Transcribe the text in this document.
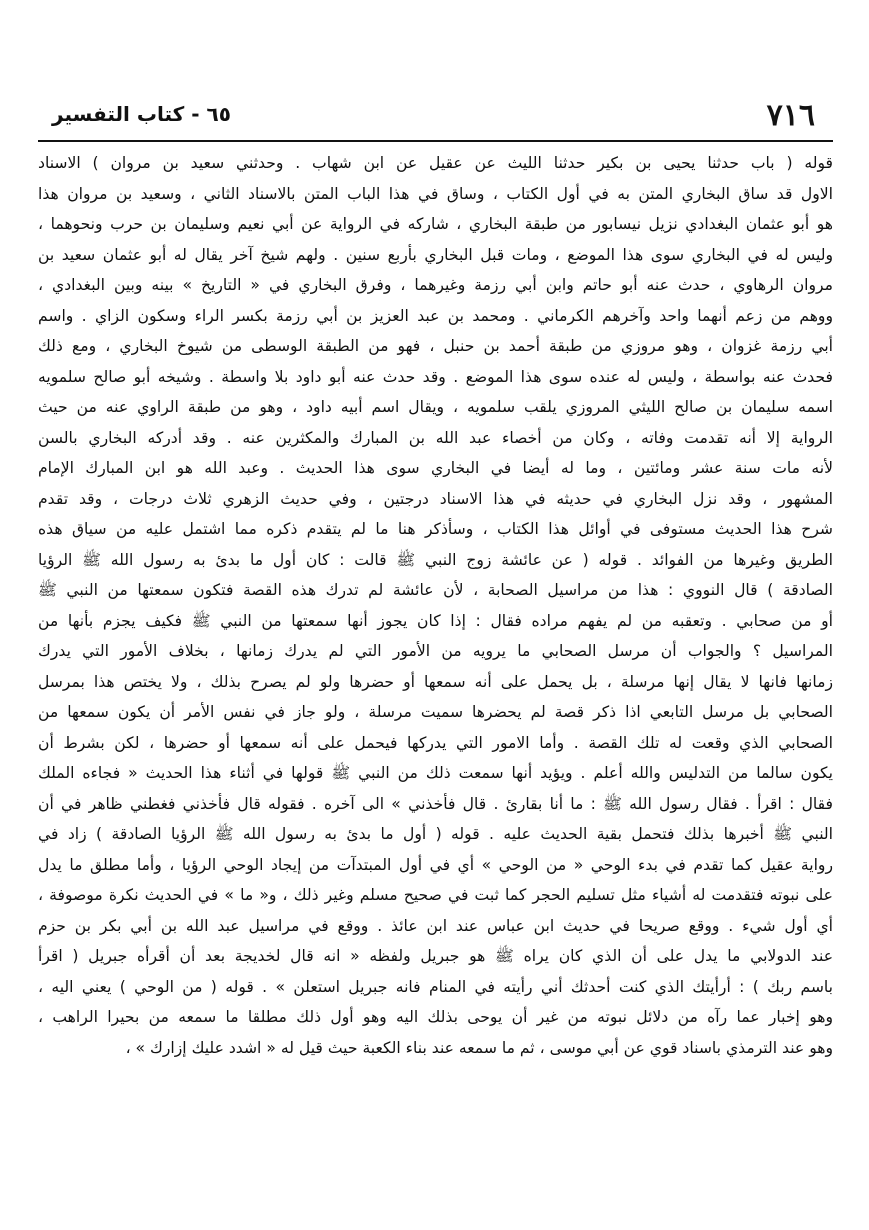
٧١٦
٦٥ - كتاب التفسير
قوله ( باب حدثنا يحيى بن بكير حدثنا الليث عن عقيل عن ابن شهاب . وحدثني سعيد بن مروان ) الاسناد
الاول قد ساق البخاري المتن به في أول الكتاب ، وساق في هذا الباب المتن بالاسناد الثاني ، وسعيد بن مروان هذا
هو أبو عثمان البغدادي نزيل نيسابور من طبقة البخاري ، شاركه في الرواية عن أبي نعيم وسليمان بن حرب ونحوهما ،
وليس له في البخاري سوى هذا الموضع ، ومات قبل البخاري بأربع سنين . ولهم شيخ آخر يقال له أبو عثمان سعيد بن
مروان الرهاوي ، حدث عنه أبو حاتم وابن أبي رزمة وغيرهما ، وفرق البخاري في « التاريخ » بينه وبين البغدادي ،
ووهم من زعم أنهما واحد وآخرهم الكرماني . ومحمد بن عبد العزيز بن أبي رزمة بكسر الراء وسكون الزاي . واسم
أبي رزمة غزوان ، وهو مروزي من طبقة أحمد بن حنبل ، فهو من الطبقة الوسطى من شيوخ البخاري ، ومع ذلك
فحدث عنه بواسطة ، وليس له عنده سوى هذا الموضع . وقد حدث عنه أبو داود بلا واسطة . وشيخه أبو صالح سلمويه
اسمه سليمان بن صالح الليثي المروزي يلقب سلمويه ، ويقال اسم أبيه داود ، وهو من طبقة الراوي عنه من حيث
الرواية إلا أنه تقدمت وفاته ، وكان من أخصاء عبد الله بن المبارك والمكثرين عنه . وقد أدركه البخاري بالسن
لأنه مات سنة عشر ومائتين ، وما له أيضا في البخاري سوى هذا الحديث . وعبد الله هو ابن المبارك الإمام
المشهور ، وقد نزل البخاري في حديثه في هذا الاسناد درجتين ، وفي حديث الزهري ثلاث درجات ، وقد تقدم
شرح هذا الحديث مستوفى في أوائل هذا الكتاب ، وسأذكر هنا ما لم يتقدم ذكره مما اشتمل عليه من سياق هذه
الطريق وغيرها من الفوائد . قوله ( عن عائشة زوج النبي ﷺ قالت : كان أول ما بدئ به رسول الله ﷺ الرؤيا
الصادقة ) قال النووي : هذا من مراسيل الصحابة ، لأن عائشة لم تدرك هذه القصة فتكون سمعتها من النبي ﷺ
أو من صحابي . وتعقبه من لم يفهم مراده فقال : إذا كان يجوز أنها سمعتها من النبي ﷺ فكيف يجزم بأنها من
المراسيل ؟ والجواب أن مرسل الصحابي ما يرويه من الأمور التي لم يدرك زمانها ، بخلاف الأمور التي يدرك
زمانها فانها لا يقال إنها مرسلة ، بل يحمل على أنه سمعها أو حضرها ولو لم يصرح بذلك ، ولا يختص هذا بمرسل
الصحابي بل مرسل التابعي اذا ذكر قصة لم يحضرها سميت مرسلة ، ولو جاز في نفس الأمر أن يكون سمعها من
الصحابي الذي وقعت له تلك القصة . وأما الامور التي يدركها فيحمل على أنه سمعها أو حضرها ، لكن بشرط أن
يكون سالما من التدليس والله أعلم . ويؤيد أنها سمعت ذلك من النبي ﷺ قولها في أثناء هذا الحديث « فجاءه الملك
فقال : اقرأ . فقال رسول الله ﷺ : ما أنا بقارئ . قال فأخذني » الى آخره . فقوله قال فأخذني فغطني ظاهر في أن
النبي ﷺ أخبرها بذلك فتحمل بقية الحديث عليه . قوله ( أول ما بدئ به رسول الله ﷺ الرؤيا الصادقة ) زاد في
رواية عقيل كما تقدم في بدء الوحي « من الوحي » أي في أول المبتدآت من إيجاد الوحي الرؤيا ، وأما مطلق ما يدل
على نبوته فتقدمت له أشياء مثل تسليم الحجر كما ثبت في صحيح مسلم وغير ذلك ، و« ما » في الحديث نكرة موصوفة ،
أي أول شيء . ووقع صريحا في حديث ابن عباس عند ابن عائذ . ووقع في مراسيل عبد الله بن أبي بكر بن حزم
عند الدولابي ما يدل على أن الذي كان يراه ﷺ هو جبريل ولفظه « انه قال لخديجة بعد أن أقرأه جبريل ( اقرأ
باسم ربك ) : أرأيتك الذي كنت أحدثك أني رأيته في المنام فانه جبريل استعلن » . قوله ( من الوحي ) يعني اليه ،
وهو إخبار عما رآه من دلائل نبوته من غير أن يوحى بذلك اليه وهو أول ذلك مطلقا ما سمعه من بحيرا الراهب ،
وهو عند الترمذي باسناد قوي عن أبي موسى ، ثم ما سمعه عند بناء الكعبة حيث قيل له « اشدد عليك إزارك » ،
